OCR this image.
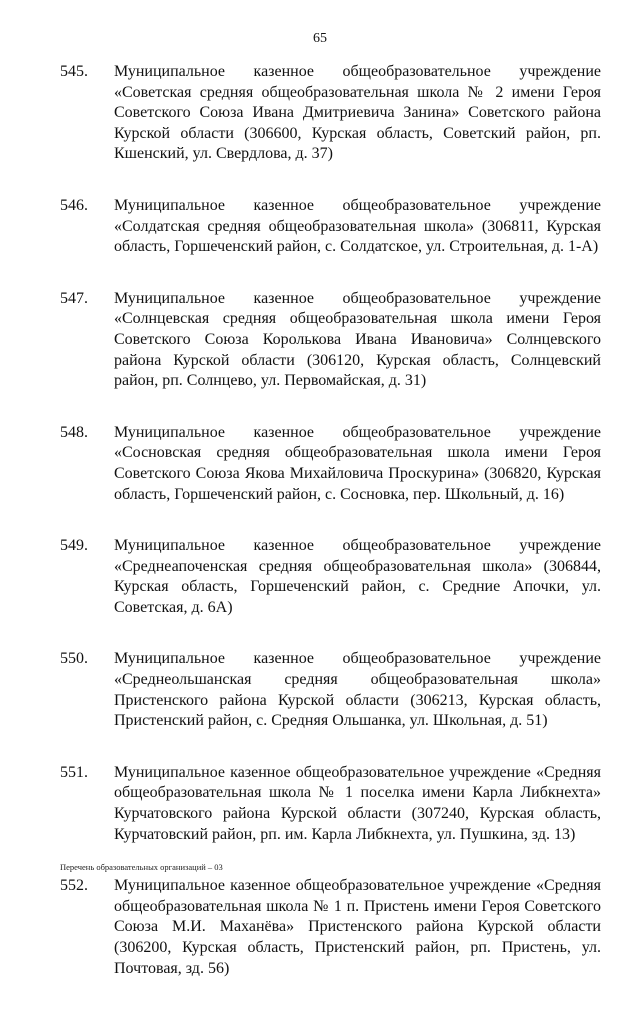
65
545. Муниципальное казенное общеобразовательное учреждение «Советская средняя общеобразовательная школа № 2 имени Героя Советского Союза Ивана Дмитриевича Занина» Советского района Курской области (306600, Курская область, Советский район, рп. Кшенский, ул. Свердлова, д. 37)
546. Муниципальное казенное общеобразовательное учреждение «Солдатская средняя общеобразовательная школа» (306811, Курская область, Горшеченский район, с. Солдатское, ул. Строительная, д. 1-А)
547. Муниципальное казенное общеобразовательное учреждение «Солнцевская средняя общеобразовательная школа имени Героя Советского Союза Королькова Ивана Ивановича» Солнцевского района Курской области (306120, Курская область, Солнцевский район, рп. Солнцево, ул. Первомайская, д. 31)
548. Муниципальное казенное общеобразовательное учреждение «Сосновская средняя общеобразовательная школа имени Героя Советского Союза Якова Михайловича Проскурина» (306820, Курская область, Горшеченский район, с. Сосновка, пер. Школьный, д. 16)
549. Муниципальное казенное общеобразовательное учреждение «Среднеапоченская средняя общеобразовательная школа» (306844, Курская область, Горшеченский район, с. Средние Апочки, ул. Советская, д. 6А)
550. Муниципальное казенное общеобразовательное учреждение «Среднеольшанская средняя общеобразовательная школа» Пристенского района Курской области (306213, Курская область, Пристенский район, с. Средняя Ольшанка, ул. Школьная, д. 51)
551. Муниципальное казенное общеобразовательное учреждение «Средняя общеобразовательная школа № 1 поселка имени Карла Либкнехта» Курчатовского района Курской области (307240, Курская область, Курчатовский район, рп. им. Карла Либкнехта, ул. Пушкина, зд. 13)
552. Муниципальное казенное общеобразовательное учреждение «Средняя общеобразовательная школа № 1 п. Пристень имени Героя Советского Союза М.И. Маханёва» Пристенского района Курской области (306200, Курская область, Пристенский район, рп. Пристень, ул. Почтовая, зд. 56)
Перечень образовательных организаций – 03
